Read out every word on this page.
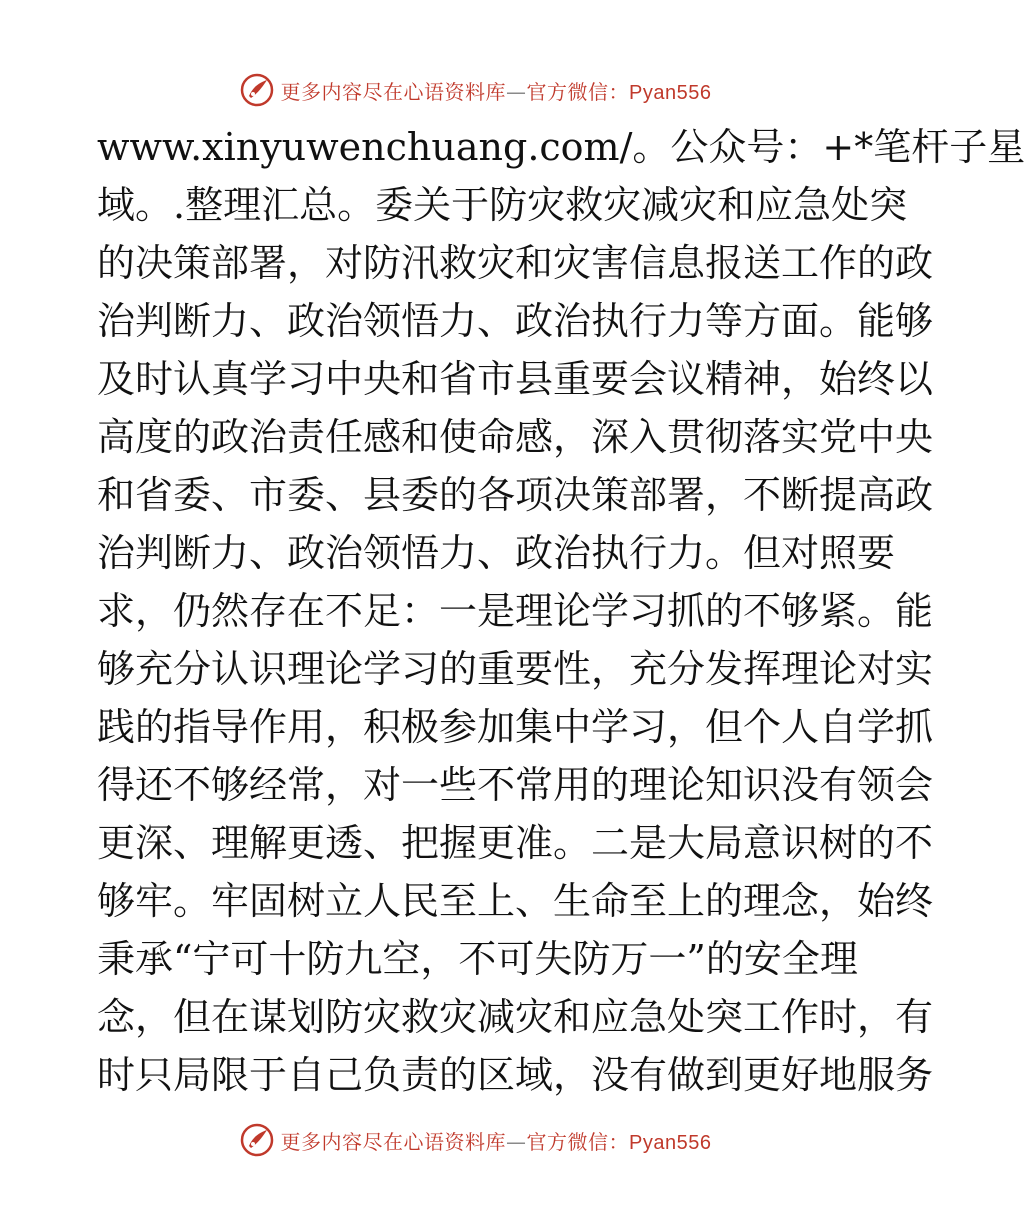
更多内容尽在心语资料库—官方微信：Pyan556
www.xinyuwenchuang.com/。公众号：+*笔杆子星
域。.整理汇总。委关于防灾救灾减灾和应急处突
的决策部署，对防汛救灾和灾害信息报送工作的政
治判断力、政治领悟力、政治执行力等方面。能够
及时认真学习中央和省市县重要会议精神，始终以
高度的政治责任感和使命感，深入贯彻落实党中央
和省委、市委、县委的各项决策部署，不断提高政
治判断力、政治领悟力、政治执行力。但对照要
求，仍然存在不足：一是理论学习抓的不够紧。能
够充分认识理论学习的重要性，充分发挥理论对实
践的指导作用，积极参加集中学习，但个人自学抓
得还不够经常，对一些不常用的理论知识没有领会
更深、理解更透、把握更准。二是大局意识树的不
够牢。牢固树立人民至上、生命至上的理念，始终
秉承“宁可十防九空，不可失防万一”的安全理
念，但在谋划防灾救灾减灾和应急处突工作时，有
时只局限于自己负责的区域，没有做到更好地服务
更多内容尽在心语资料库—官方微信：Pyan556
